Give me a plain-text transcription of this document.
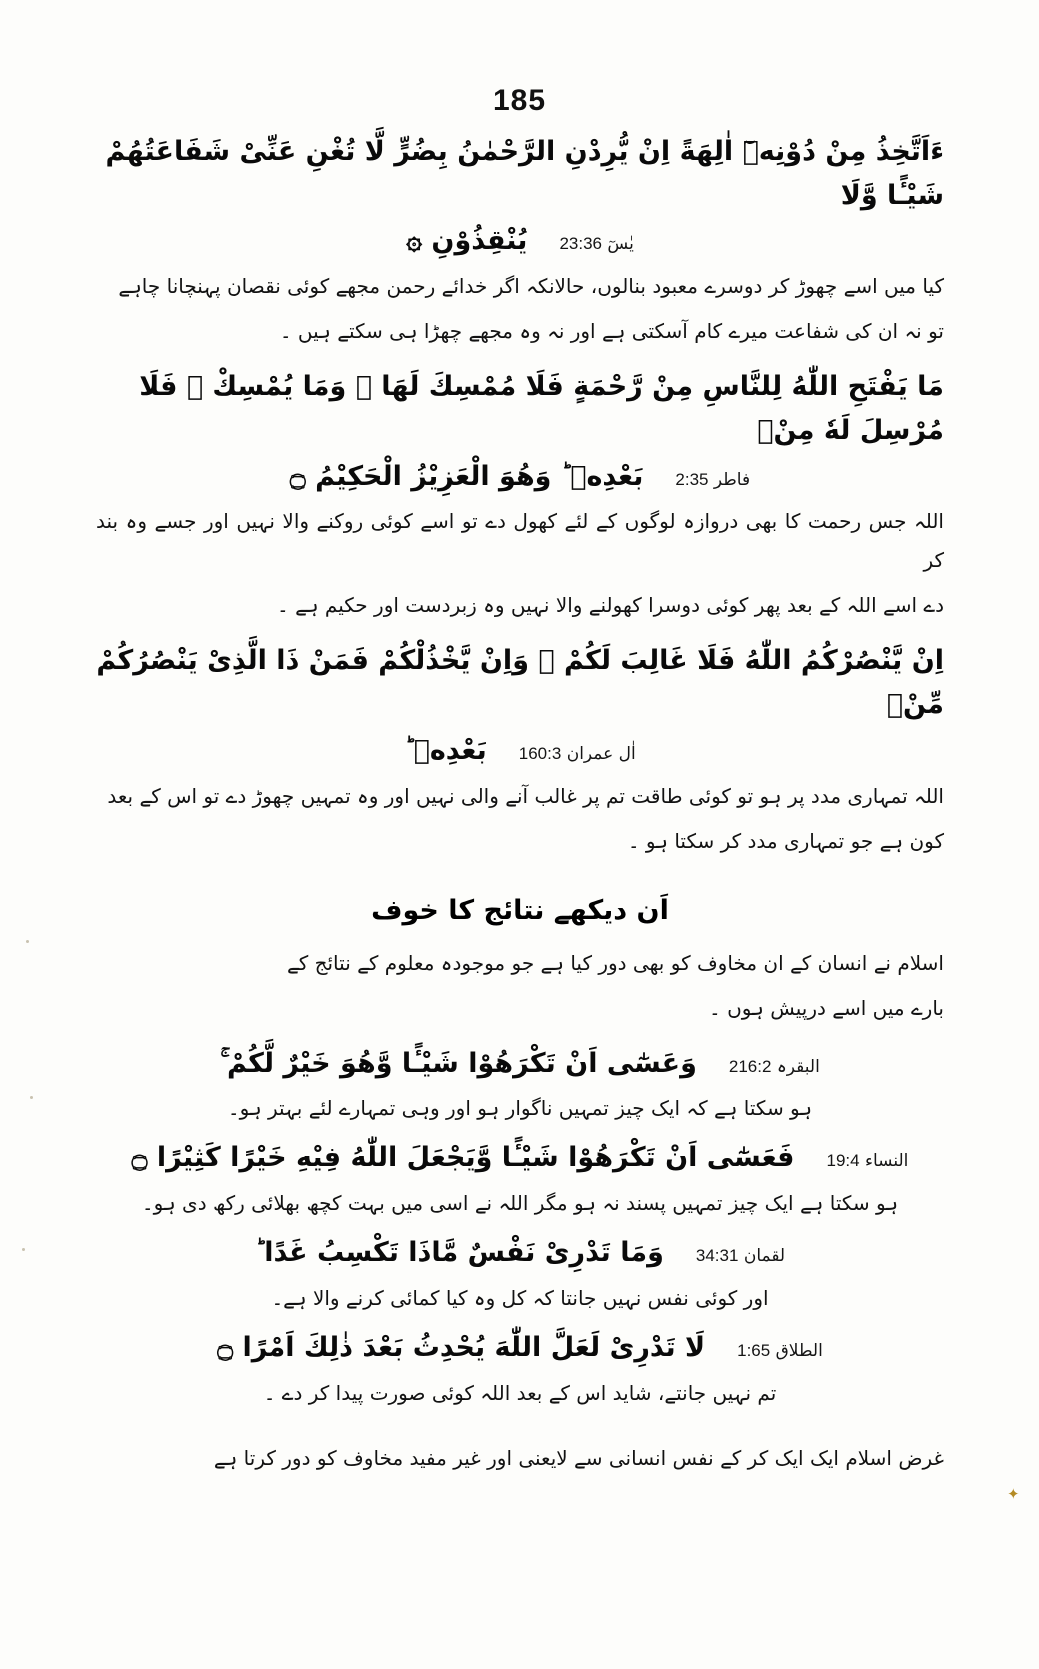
185
ءَاَتَّخِذُ مِنْ دُوْنِهٖٓ اٰلِهَةً اِنْ يُّرِدْنِ الرَّحْمٰنُ بِضُرٍّ لَّا تُغْنِ عَنِّىْ شَفَاعَتُهُمْ شَيْـًٔا وَّلَا
يُنْقِذُوْنِ ۞	يٰسٓ 23:36
کیا میں اسے چھوڑ کر دوسرے معبود بنالوں، حالانکہ اگر خدائے رحمن مجھے کوئی نقصان پہنچانا چاہے
تو نہ ان کی شفاعت میرے کام آسکتی ہے اور نہ وہ مجھے چھڑا ہی سکتے ہیں ۔
مَا يَفْتَحِ اللّٰهُ لِلنَّاسِ مِنْ رَّحْمَةٍ فَلَا مُمْسِكَ لَهَا ۚ وَمَا يُمْسِكْ ۙ فَلَا مُرْسِلَ لَهٗ مِنْۢ
بَعْدِهٖ ؕ وَهُوَ الْعَزِيْزُ الْحَكِيْمُ ۝	فاطر 2:35
اللہ جس رحمت کا بھی دروازہ لوگوں کے لئے کھول دے تو اسے کوئی روکنے والا نہیں اور جسے وہ بند کر
دے اسے اللہ کے بعد پھر کوئی دوسرا کھولنے والا نہیں وہ زبردست اور حکیم ہے ۔
اِنْ يَّنْصُرْكُمُ اللّٰهُ فَلَا غَالِبَ لَكُمْ ۚ وَاِنْ يَّخْذُلْكُمْ فَمَنْ ذَا الَّذِىْ يَنْصُرُكُمْ مِّنْۢ
بَعْدِهٖ ؕ	اٰل عمران 160:3
اللہ تمہاری مدد پر ہو تو کوئی طاقت تم پر غالب آنے والی نہیں اور وہ تمہیں چھوڑ دے تو اس کے بعد
کون ہے جو تمہاری مدد کر سکتا ہو ۔
اَن دیکھے نتائج کا خوف
اسلام نے انسان کے ان مخاوف کو بھی دور کیا ہے جو موجودہ معلوم کے نتائج کے
بارے میں اسے درپیش ہوں ۔
وَعَسٰٓى اَنْ تَكْرَهُوْا شَيْـًٔا وَّهُوَ خَيْرٌ لَّكُمْ ۚ	البقرہ 216:2
ہو سکتا ہے کہ ایک چیز تمہیں ناگوار ہو اور وہی تمہارے لئے بہتر ہو۔
فَعَسٰٓى اَنْ تَكْرَهُوْا شَيْـًٔا وَّيَجْعَلَ اللّٰهُ فِيْهِ خَيْرًا كَثِيْرًا ۝	النساء 19:4
ہو سکتا ہے ایک چیز تمہیں پسند نہ ہو مگر اللہ نے اسی میں بہت کچھ بھلائی رکھ دی ہو۔
وَمَا تَدْرِىْ نَفْسٌ مَّاذَا تَكْسِبُ غَدًا ؕ	لقمان 34:31
اور کوئی نفس نہیں جانتا کہ کل وہ کیا کمائی کرنے والا ہے۔
لَا تَدْرِىْ لَعَلَّ اللّٰهَ يُحْدِثُ بَعْدَ ذٰلِكَ اَمْرًا ۝	الطلاق 1:65
تم نہیں جانتے، شاید اس کے بعد اللہ کوئی صورت پیدا کر دے ۔
غرض اسلام ایک ایک کر کے نفس انسانی سے لایعنی اور غیر مفید مخاوف کو دور کرتا ہے
✦
